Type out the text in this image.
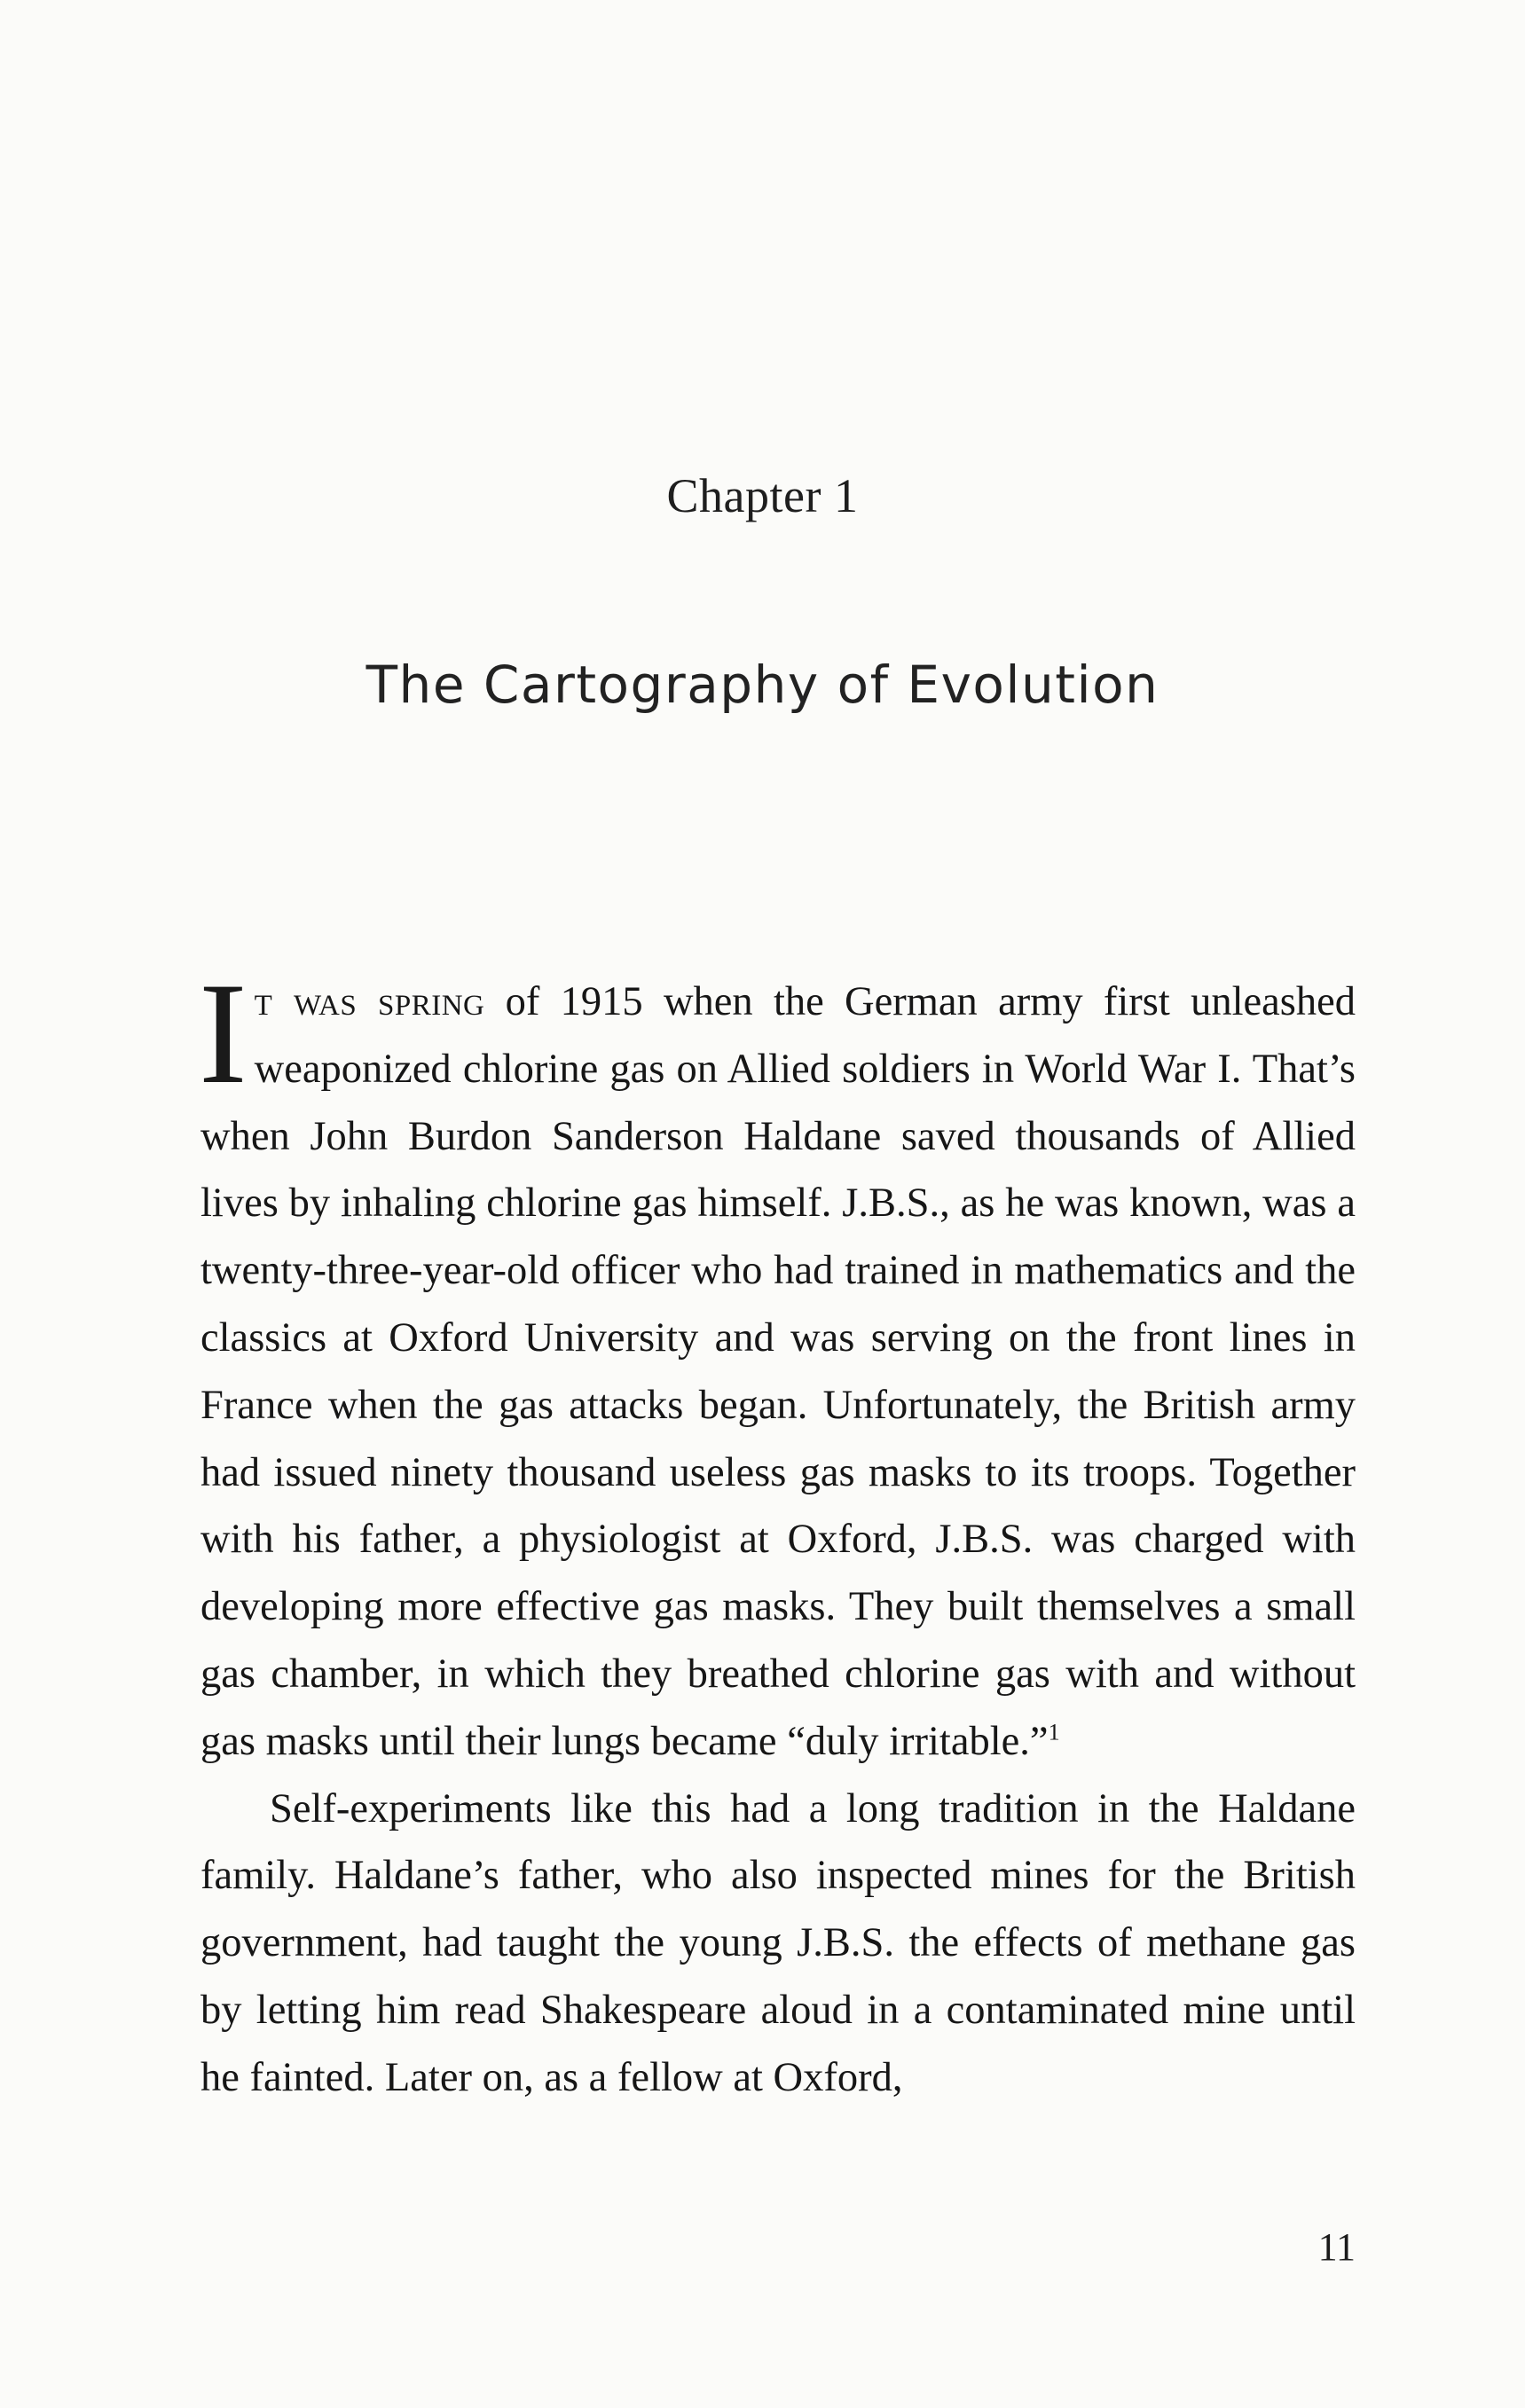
Chapter 1
The Cartography of Evolution

It was spring of 1915 when the German army first unleashed weaponized chlorine gas on Allied soldiers in World War I. That’s when John Burdon Sanderson Haldane saved thousands of Allied lives by inhaling chlorine gas himself. J.B.S., as he was known, was a twenty-three-year-old officer who had trained in mathematics and the classics at Oxford University and was serving on the front lines in France when the gas attacks began. Unfortunately, the British army had issued ninety thousand useless gas masks to its troops. Together with his father, a physiologist at Oxford, J.B.S. was charged with developing more effective gas masks. They built themselves a small gas chamber, in which they breathed chlorine gas with and without gas masks until their lungs became “duly irritable.”$^1$

Self-experiments like this had a long tradition in the Haldane family. Haldane’s father, who also inspected mines for the British government, had taught the young J.B.S. the effects of methane gas by letting him read Shakespeare aloud in a contaminated mine until he fainted. Later on, as a fellow at Oxford,

11
